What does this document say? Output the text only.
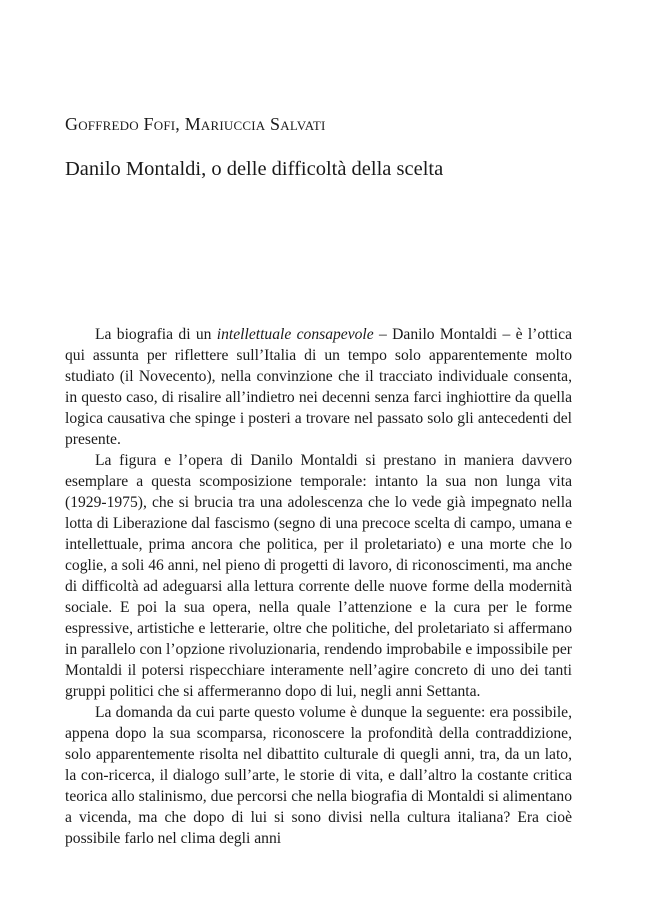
Goffredo Fofi, Mariuccia Salvati
Danilo Montaldi, o delle difficoltà della scelta

La biografia di un intellettuale consapevole – Danilo Montaldi – è l’ottica qui assunta per riflettere sull’Italia di un tempo solo apparentemente molto studiato (il Novecento), nella convinzione che il tracciato individuale consenta, in questo caso, di risalire all’indietro nei decenni senza farci inghiottire da quella logica causativa che spinge i posteri a trovare nel passato solo gli antecedenti del presente.

La figura e l’opera di Danilo Montaldi si prestano in maniera davvero esemplare a questa scomposizione temporale: intanto la sua non lunga vita (1929-1975), che si brucia tra una adolescenza che lo vede già impegnato nella lotta di Liberazione dal fascismo (segno di una precoce scelta di campo, umana e intellettuale, prima ancora che politica, per il proletariato) e una morte che lo coglie, a soli 46 anni, nel pieno di progetti di lavoro, di riconoscimenti, ma anche di difficoltà ad adeguarsi alla lettura corrente delle nuove forme della modernità sociale. E poi la sua opera, nella quale l’attenzione e la cura per le forme espressive, artistiche e letterarie, oltre che politiche, del proletariato si affermano in parallelo con l’opzione rivoluzionaria, rendendo improbabile e impossibile per Montaldi il potersi rispecchiare interamente nell’agire concreto di uno dei tanti gruppi politici che si affermeranno dopo di lui, negli anni Settanta.

La domanda da cui parte questo volume è dunque la seguente: era possibile, appena dopo la sua scomparsa, riconoscere la profondità della contraddizione, solo apparentemente risolta nel dibattito culturale di quegli anni, tra, da un lato, la con-ricerca, il dialogo sull’arte, le storie di vita, e dall’altro la costante critica teorica allo stalinismo, due percorsi che nella biografia di Montaldi si alimentano a vicenda, ma che dopo di lui si sono divisi nella cultura italiana? Era cioè possibile farlo nel clima degli anni
